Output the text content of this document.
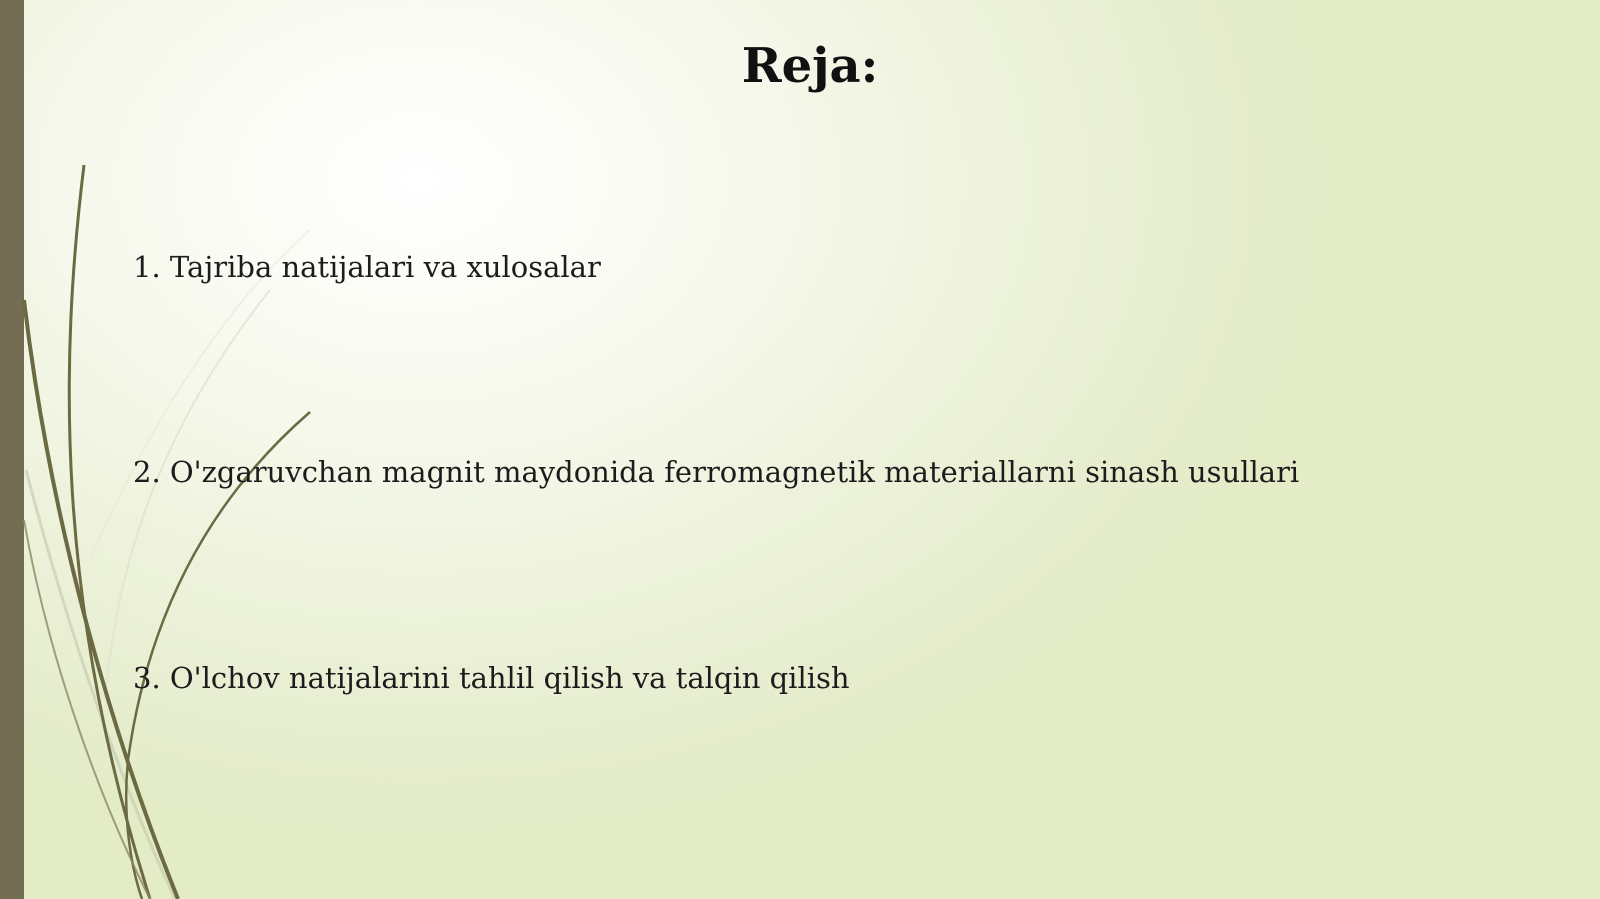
Reja:
1. Tajriba natijalari va xulosalar
2. O'zgaruvchan magnit maydonida ferromagnetik materiallarni sinash usullari
3. O'lchov natijalarini tahlil qilish va talqin qilish
